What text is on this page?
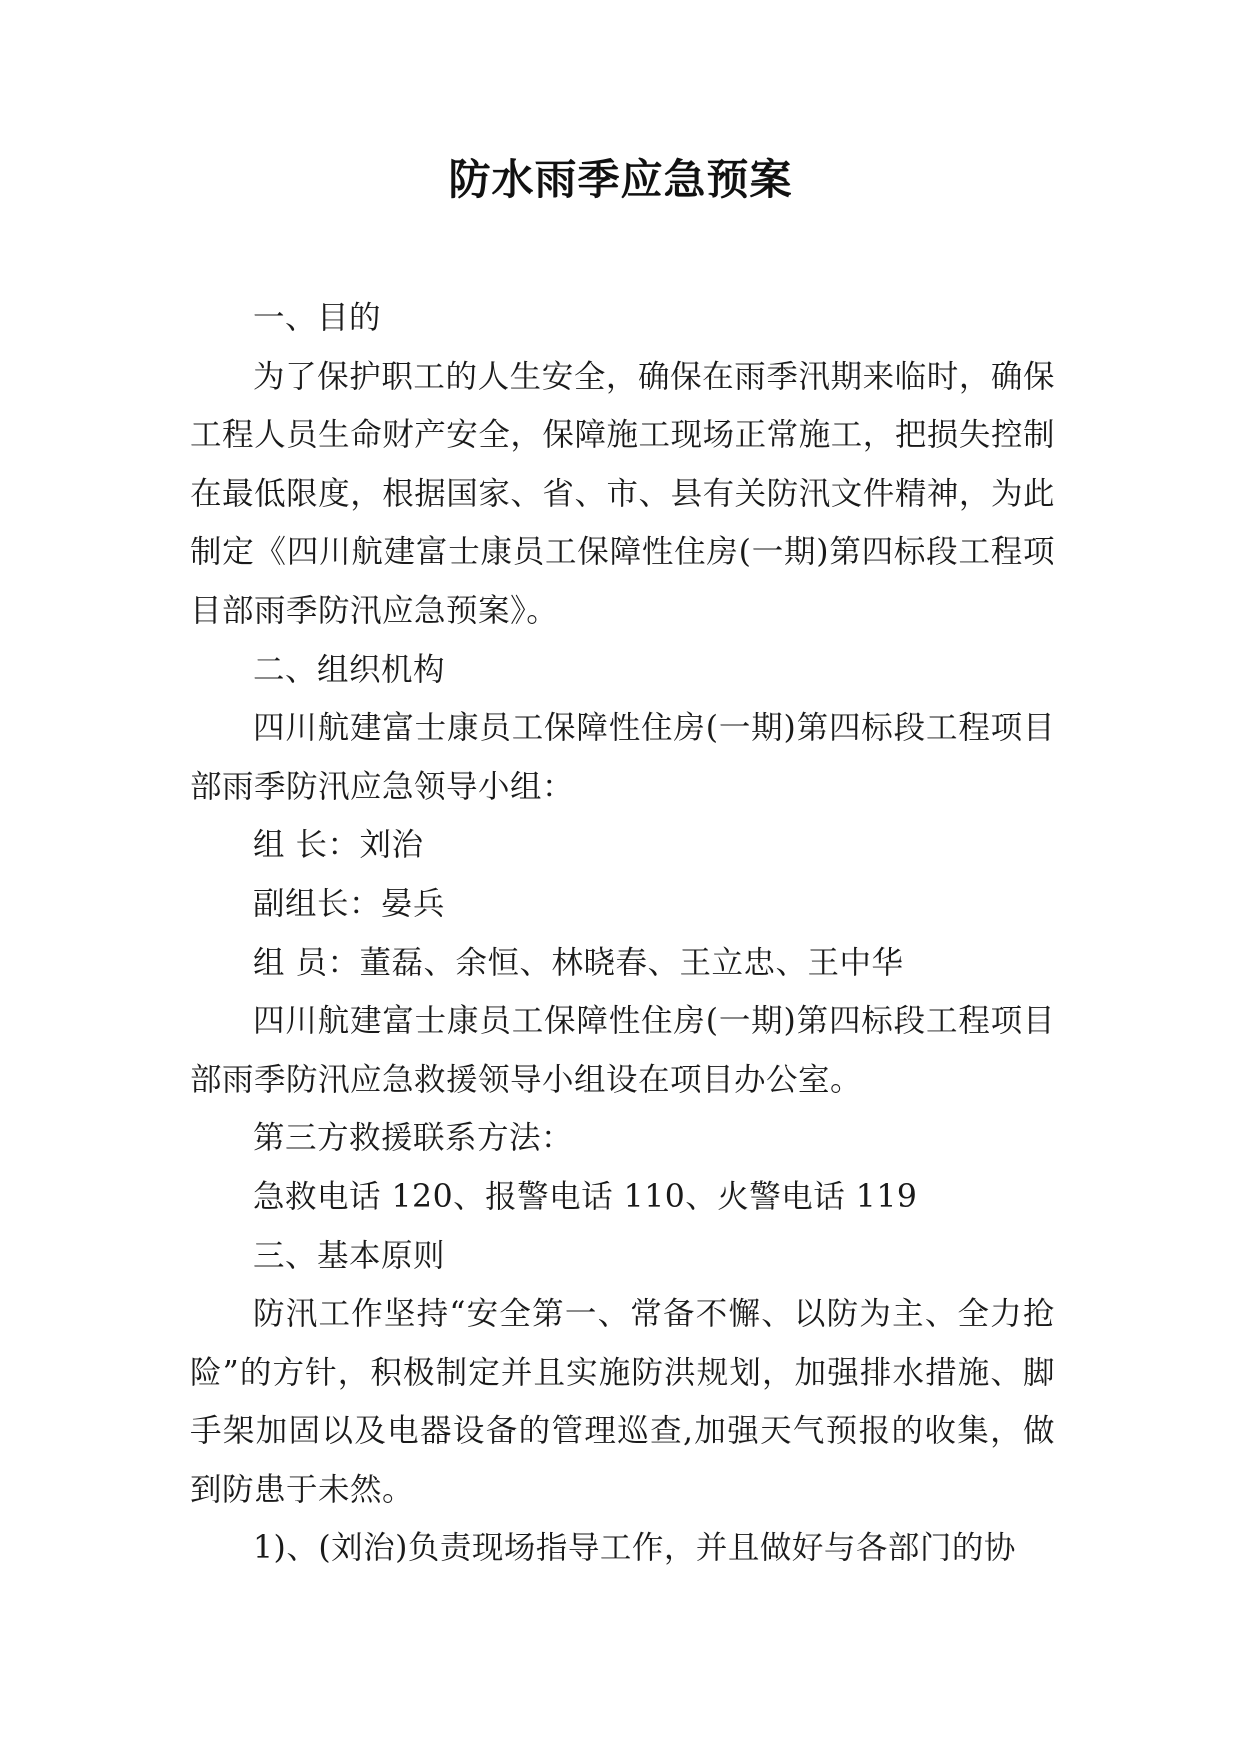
防水雨季应急预案

一、目的

为了保护职工的人生安全，确保在雨季汛期来临时，确保工程人员生命财产安全，保障施工现场正常施工，把损失控制在最低限度，根据国家、省、市、县有关防汛文件精神，为此制定《四川航建富士康员工保障性住房(一期)第四标段工程项目部雨季防汛应急预案》。

二、组织机构

四川航建富士康员工保障性住房(一期)第四标段工程项目部雨季防汛应急领导小组：

组 长：刘治

副组长：晏兵

组 员：董磊、余恒、林晓春、王立忠、王中华

四川航建富士康员工保障性住房(一期)第四标段工程项目部雨季防汛应急救援领导小组设在项目办公室。

第三方救援联系方法：

急救电话 120、报警电话 110、火警电话 119

三、基本原则

防汛工作坚持“安全第一、常备不懈、以防为主、全力抢险”的方针，积极制定并且实施防洪规划，加强排水措施、脚手架加固以及电器设备的管理巡查,加强天气预报的收集，做到防患于未然。

1)、(刘治)负责现场指导工作，并且做好与各部门的协
